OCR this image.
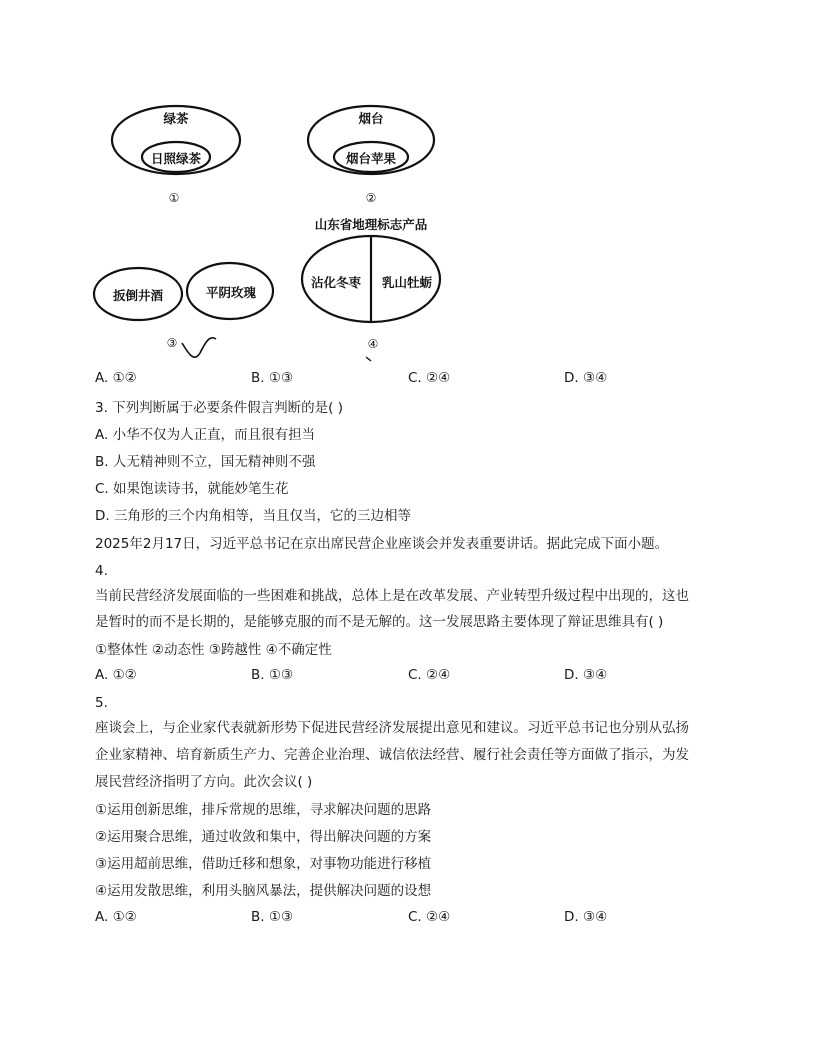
绿茶
日照绿茶
①
烟台
烟台苹果
②
山东省地理标志产品
扳倒井酒	平阴玫瑰
③
沾化冬枣 乳山牡蛎
④
A. ①②	B. ①③	C. ②④	D. ③④
3. 下列判断属于必要条件假言判断的是( )
A. 小华不仅为人正直，而且很有担当
B. 人无精神则不立，国无精神则不强
C. 如果饱读诗书，就能妙笔生花
D. 三角形的三个内角相等，当且仅当，它的三边相等
2025年2月17日，习近平总书记在京出席民营企业座谈会并发表重要讲话。据此完成下面小题。
4.
当前民营经济发展面临的一些困难和挑战，总体上是在改革发展、产业转型升级过程中出现的，这也
是暂时的而不是长期的，是能够克服的而不是无解的。这一发展思路主要体现了辩证思维具有( )
①整体性 ②动态性 ③跨越性 ④不确定性
A. ①②	B. ①③	C. ②④	D. ③④
5.
座谈会上，与企业家代表就新形势下促进民营经济发展提出意见和建议。习近平总书记也分别从弘扬
企业家精神、培育新质生产力、完善企业治理、诚信依法经营、履行社会责任等方面做了指示，为发
展民营经济指明了方向。此次会议( )
①运用创新思维，排斥常规的思维，寻求解决问题的思路
②运用聚合思维，通过收敛和集中，得出解决问题的方案
③运用超前思维，借助迁移和想象，对事物功能进行移植
④运用发散思维，利用头脑风暴法，提供解决问题的设想
A. ①②	B. ①③	C. ②④	D. ③④
